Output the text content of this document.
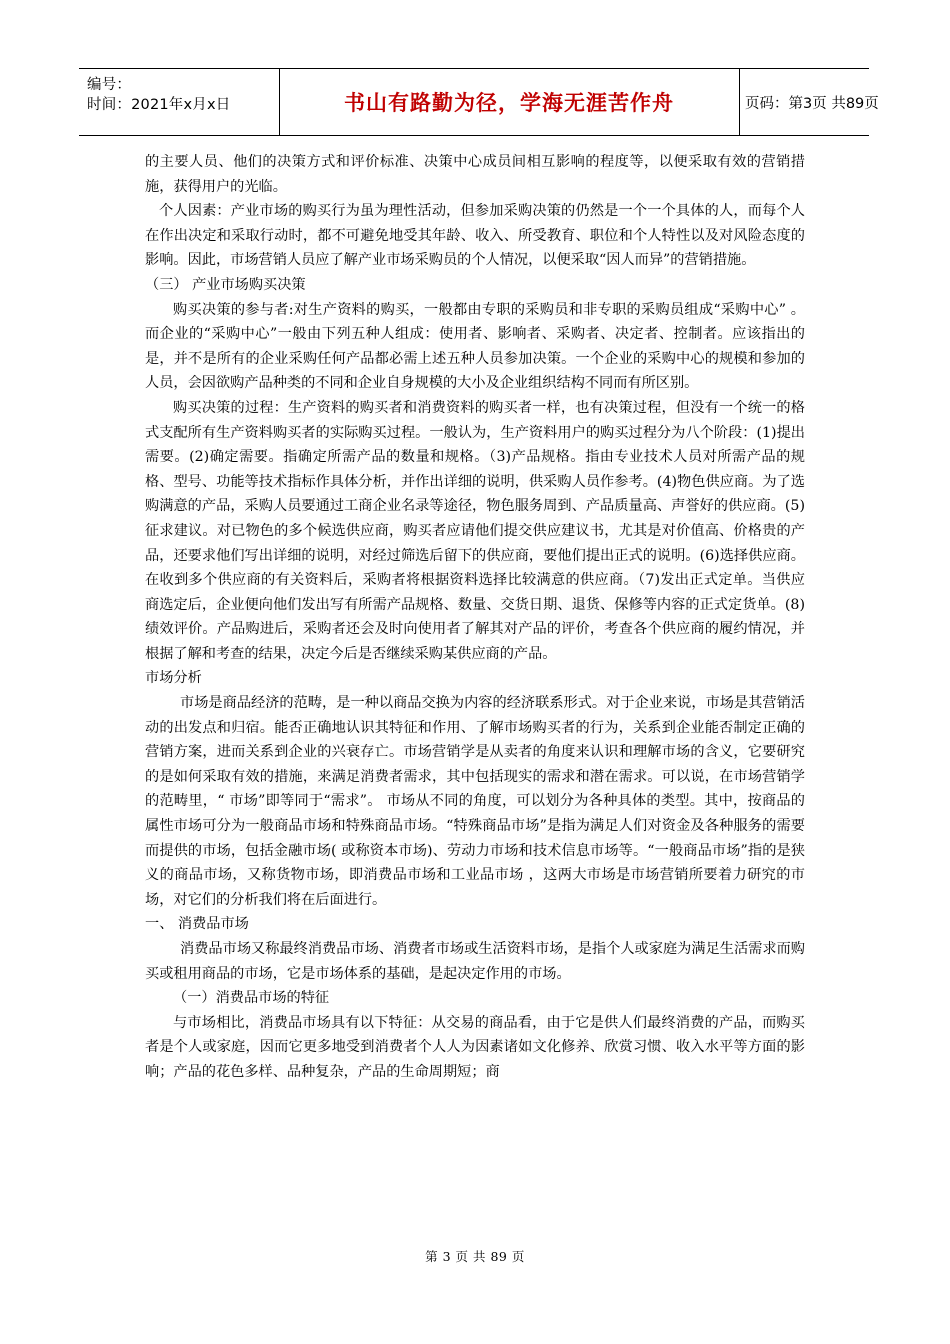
编号：
时间：2021年x月x日	书山有路勤为径，学海无涯苦作舟	页码：第3页 共89页

的主要人员、他们的决策方式和评价标准、决策中心成员间相互影响的程度等，以便采取有效的营销措施，获得用户的光临。

个人因素：产业市场的购买行为虽为理性活动，但参加采购决策的仍然是一个一个具体的人，而每个人在作出决定和采取行动时，都不可避免地受其年龄、收入、所受教育、职位和个人特性以及对风险态度的影响。因此，市场营销人员应了解产业市场采购员的个人情况，以便采取“因人而异”的营销措施。

（三） 产业市场购买决策

购买决策的参与者:对生产资料的购买，一般都由专职的采购员和非专职的采购员组成“采购中心” 。而企业的“采购中心”一般由下列五种人组成：使用者、影响者、采购者、决定者、控制者。应该指出的是，并不是所有的企业采购任何产品都必需上述五种人员参加决策。一个企业的采购中心的规模和参加的人员，会因欲购产品种类的不同和企业自身规模的大小及企业组织结构不同而有所区别。

购买决策的过程：生产资料的购买者和消费资料的购买者一样，也有决策过程，但没有一个统一的格式支配所有生产资料购买者的实际购买过程。一般认为，生产资料用户的购买过程分为八个阶段：(1)提出需要。(2)确定需要。指确定所需产品的数量和规格。（3)产品规格。指由专业技术人员对所需产品的规格、型号、功能等技术指标作具体分析，并作出详细的说明，供采购人员作参考。(4)物色供应商。为了选购满意的产品，采购人员要通过工商企业名录等途径，物色服务周到、产品质量高、声誉好的供应商。(5)征求建议。对已物色的多个候选供应商，购买者应请他们提交供应建议书，尤其是对价值高、价格贵的产品，还要求他们写出详细的说明，对经过筛选后留下的供应商，要他们提出正式的说明。(6)选择供应商。在收到多个供应商的有关资料后，采购者将根据资料选择比较满意的供应商。（7)发出正式定单。当供应商选定后，企业便向他们发出写有所需产品规格、数量、交货日期、退货、保修等内容的正式定货单。(8)绩效评价。产品购进后，采购者还会及时向使用者了解其对产品的评价，考查各个供应商的履约情况，并根据了解和考查的结果，决定今后是否继续采购某供应商的产品。

市场分析

市场是商品经济的范畴，是一种以商品交换为内容的经济联系形式。对于企业来说，市场是其营销活动的出发点和归宿。能否正确地认识其特征和作用、了解市场购买者的行为，关系到企业能否制定正确的营销方案，进而关系到企业的兴衰存亡。市场营销学是从卖者的角度来认识和理解市场的含义，它要研究的是如何采取有效的措施，来满足消费者需求，其中包括现实的需求和潜在需求。可以说，在市场营销学的范畴里，“ 市场”即等同于“需求”。 市场从不同的角度，可以划分为各种具体的类型。其中，按商品的属性市场可分为一般商品市场和特殊商品市场。“特殊商品市场”是指为满足人们对资金及各种服务的需要而提供的市场，包括金融市场( 或称资本市场)、劳动力市场和技术信息市场等。“一般商品市场”指的是狭义的商品市场，又称货物市场，即消费品市场和工业品市场 ，这两大市场是市场营销所要着力研究的市场，对它们的分析我们将在后面进行。

一、 消费品市场

消费品市场又称最终消费品市场、消费者市场或生活资料市场，是指个人或家庭为满足生活需求而购买或租用商品的市场，它是市场体系的基础，是起决定作用的市场。

（一）消费品市场的特征

与市场相比，消费品市场具有以下特征：从交易的商品看，由于它是供人们最终消费的产品，而购买者是个人或家庭，因而它更多地受到消费者个人人为因素诸如文化修养、欣赏习惯、收入水平等方面的影响；产品的花色多样、品种复杂，产品的生命周期短；商

第 3 页 共 89 页
